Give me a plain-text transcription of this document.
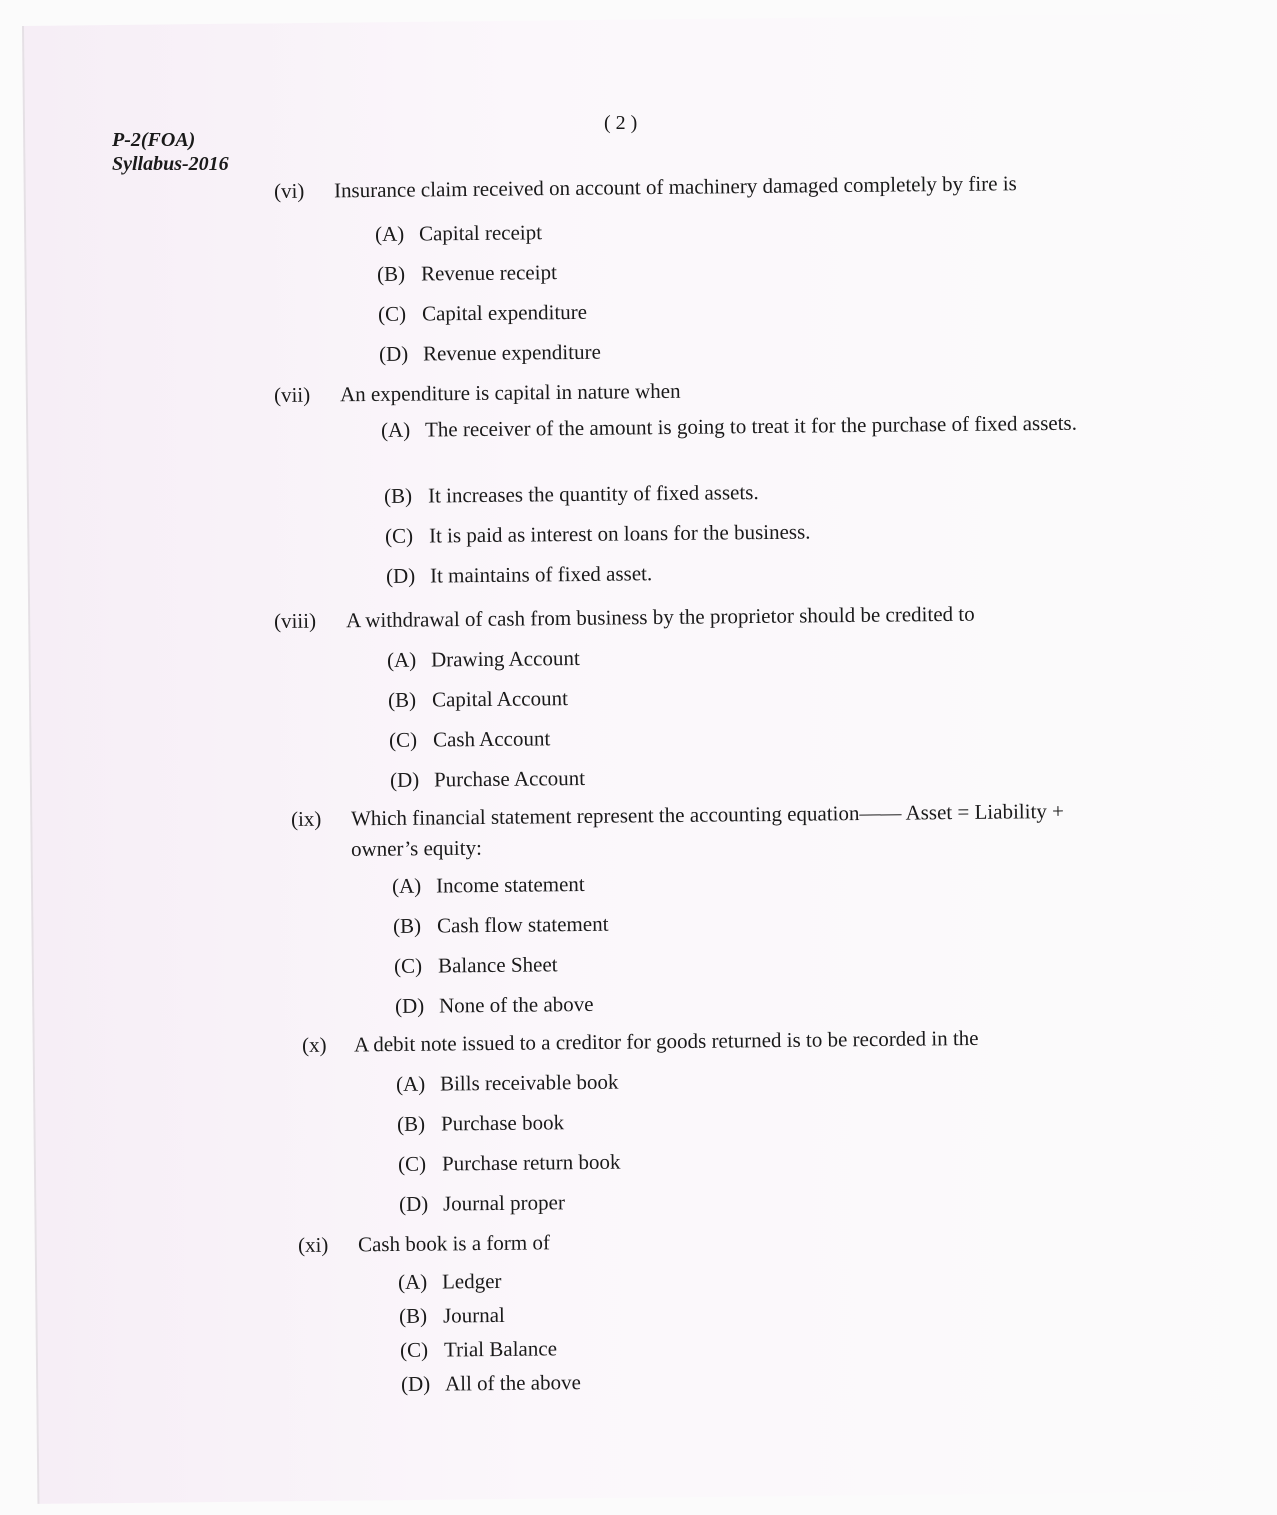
P-2(FOA)
Syllabus-2016
( 2 )
(vi) Insurance claim received on account of machinery damaged completely by fire is
(A) Capital receipt
(B) Revenue receipt
(C) Capital expenditure
(D) Revenue expenditure
(vii) An expenditure is capital in nature when
(A) The receiver of the amount is going to treat it for the purchase of fixed assets.
(B) It increases the quantity of fixed assets.
(C) It is paid as interest on loans for the business.
(D) It maintains of fixed asset.
(viii) A withdrawal of cash from business by the proprietor should be credited to
(A) Drawing Account
(B) Capital Account
(C) Cash Account
(D) Purchase Account
(ix) Which financial statement represent the accounting equation—— Asset = Liability +
owner’s equity:
(A) Income statement
(B) Cash flow statement
(C) Balance Sheet
(D) None of the above
(x) A debit note issued to a creditor for goods returned is to be recorded in the
(A) Bills receivable book
(B) Purchase book
(C) Purchase return book
(D) Journal proper
(xi) Cash book is a form of
(A) Ledger
(B) Journal
(C) Trial Balance
(D) All of the above
